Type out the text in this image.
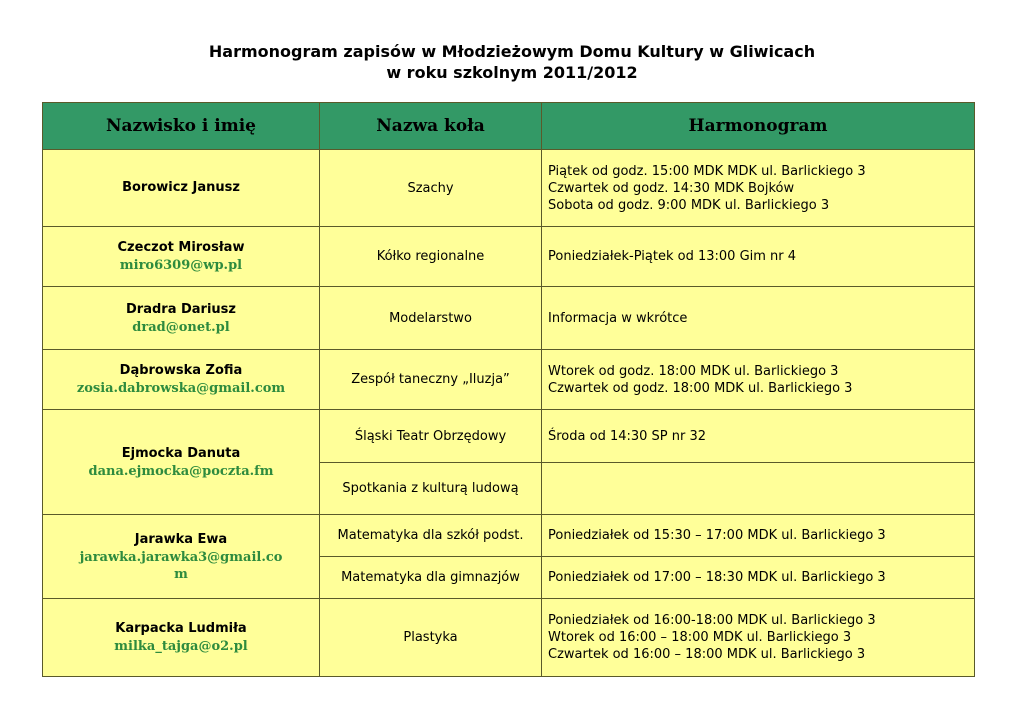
Harmonogram zapisów w Młodzieżowym Domu Kultury w Gliwicach
w roku szkolnym 2011/2012
Nazwisko i imię	Nazwa koła	Harmonogram

Borowicz Janusz	Szachy	Piątek od godz. 15:00 MDK MDK ul. Barlickiego 3
Czwartek od godz. 14:30 MDK Bojków
Sobota od godz. 9:00 MDK ul. Barlickiego 3

Czeczot Mirosław
miro6309@wp.pl	Kółko regionalne	Poniedziałek-Piątek od 13:00 Gim nr 4

Dradra Dariusz
drad@onet.pl	Modelarstwo	Informacja w wkrótce

Dąbrowska Zofia
zosia.dabrowska@gmail.com	Zespół taneczny „Iluzja”	Wtorek od godz. 18:00 MDK ul. Barlickiego 3
Czwartek od godz. 18:00 MDK ul. Barlickiego 3

Ejmocka Danuta
dana.ejmocka@poczta.fm	Śląski Teatr Obrzędowy	Środa od 14:30 SP nr 32

	Spotkania z kulturą ludową	

Jarawka Ewa
jarawka.jarawka3@gmail.com	Matematyka dla szkół podst.	Poniedziałek od 15:30 – 17:00 MDK ul. Barlickiego 3

	Matematyka dla gimnazjów	Poniedziałek od 17:00 – 18:30 MDK ul. Barlickiego 3

Karpacka Ludmiła
milka_tajga@o2.pl	Plastyka	Poniedziałek od 16:00-18:00 MDK ul. Barlickiego 3
Wtorek od 16:00 – 18:00 MDK ul. Barlickiego 3
Czwartek od 16:00 – 18:00 MDK ul. Barlickiego 3
